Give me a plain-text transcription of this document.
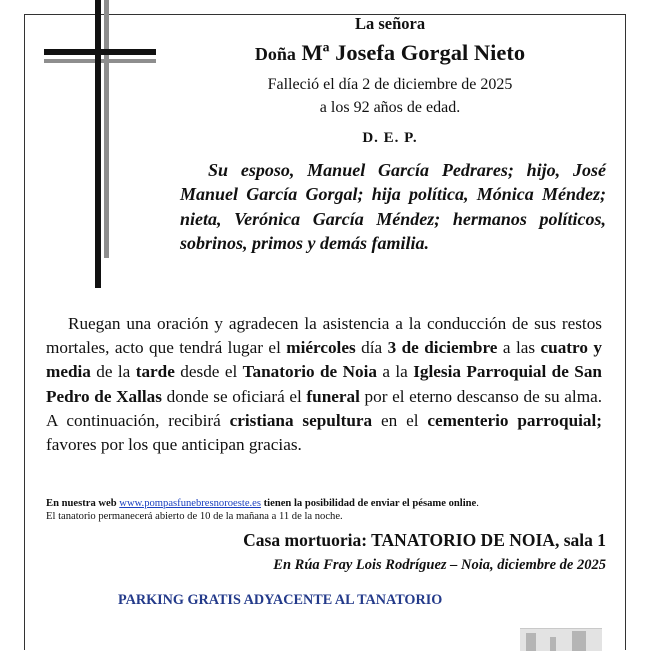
La señora
Doña Mª Josefa Gorgal Nieto
Falleció el día 2 de diciembre de 2025
a los 92 años de edad.
D. E. P.

Su esposo, Manuel García Pedrares; hijo, José Manuel García Gorgal; hija política, Mónica Méndez; nieta, Verónica García Méndez; hermanos políticos, sobrinos, primos y demás familia.

Ruegan una oración y agradecen la asistencia a la conducción de sus restos mortales, acto que tendrá lugar el miércoles día 3 de diciembre a las cuatro y media de la tarde desde el Tanatorio de Noia a la Iglesia Parroquial de San Pedro de Xallas donde se oficiará el funeral por el eterno descanso de su alma. A continuación, recibirá cristiana sepultura en el cementerio parroquial; favores por los que anticipan gracias.

En nuestra web www.pompasfunebresnoroeste.es tienen la posibilidad de enviar el pésame online.
El tanatorio permanecerá abierto de 10 de la mañana a 11 de la noche.
Casa mortuoria: TANATORIO DE NOIA, sala 1
En Rúa Fray Lois Rodríguez – Noia, diciembre de 2025
PARKING GRATIS ADYACENTE AL TANATORIO
